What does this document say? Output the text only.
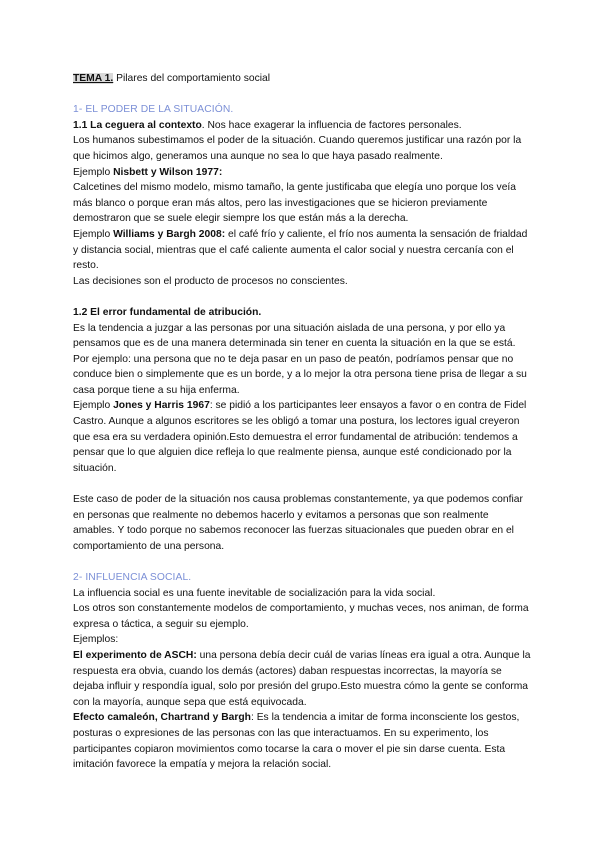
TEMA 1. Pilares del comportamiento social

1- EL PODER DE LA SITUACIÓN.

1.1 La ceguera al contexto. Nos hace exagerar la influencia de factores personales.

Los humanos subestimamos el poder de la situación. Cuando queremos justificar una razón por la que hicimos algo, generamos una aunque no sea lo que haya pasado realmente.

Ejemplo Nisbett y Wilson 1977:

Calcetines del mismo modelo, mismo tamaño, la gente justificaba que elegía uno porque los veía más blanco o porque eran más altos, pero las investigaciones que se hicieron previamente demostraron que se suele elegir siempre los que están más a la derecha.

Ejemplo Williams y Bargh 2008: el café frío y caliente, el frío nos aumenta la sensación de frialdad y distancia social, mientras que el café caliente aumenta el calor social y nuestra cercanía con el resto.

Las decisiones son el producto de procesos no conscientes.

1.2 El error fundamental de atribución.

Es la tendencia a juzgar a las personas por una situación aislada de una persona, y por ello ya pensamos que es de una manera determinada sin tener en cuenta la situación en la que se está. Por ejemplo: una persona que no te deja pasar en un paso de peatón, podríamos pensar que no conduce bien o simplemente que es un borde, y a lo mejor la otra persona tiene prisa de llegar a su casa porque tiene a su hija enferma.

Ejemplo Jones y Harris 1967: se pidió a los participantes leer ensayos a favor o en contra de Fidel Castro. Aunque a algunos escritores se les obligó a tomar una postura, los lectores igual creyeron que esa era su verdadera opinión.Esto demuestra el error fundamental de atribución: tendemos a pensar que lo que alguien dice refleja lo que realmente piensa, aunque esté condicionado por la situación.

Este caso de poder de la situación nos causa problemas constantemente, ya que podemos confiar en personas que realmente no debemos hacerlo y evitamos a personas que son realmente amables. Y todo porque no sabemos reconocer las fuerzas situacionales que pueden obrar en el comportamiento de una persona.

2- INFLUENCIA SOCIAL.

La influencia social es una fuente inevitable de socialización para la vida social.

Los otros son constantemente modelos de comportamiento, y muchas veces, nos animan, de forma expresa o táctica, a seguir su ejemplo.

Ejemplos:

El experimento de ASCH: una persona debía decir cuál de varias líneas era igual a otra. Aunque la respuesta era obvia, cuando los demás (actores) daban respuestas incorrectas, la mayoría se dejaba influir y respondía igual, solo por presión del grupo.Esto muestra cómo la gente se conforma con la mayoría, aunque sepa que está equivocada.

Efecto camaleón, Chartrand y Bargh: Es la tendencia a imitar de forma inconsciente los gestos, posturas o expresiones de las personas con las que interactuamos. En su experimento, los participantes copiaron movimientos como tocarse la cara o mover el pie sin darse cuenta. Esta imitación favorece la empatía y mejora la relación social.
